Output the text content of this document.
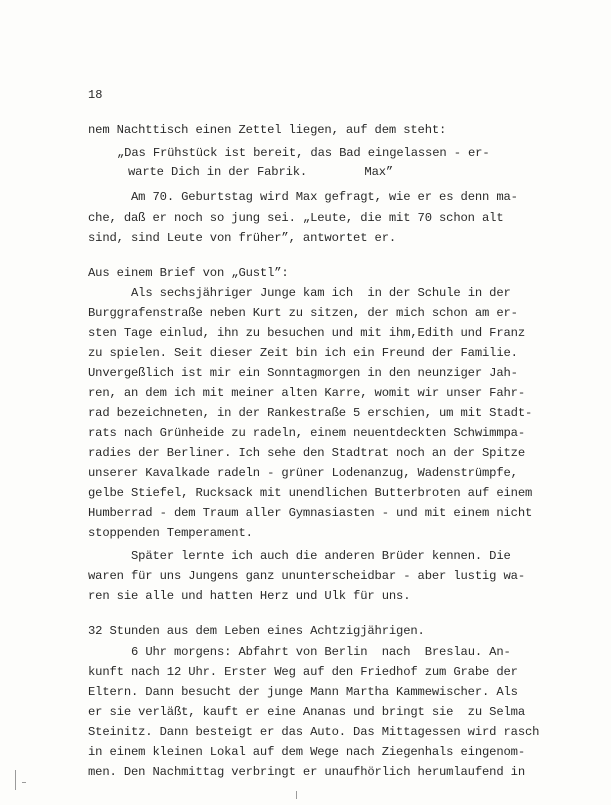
18
nem Nachttisch einen Zettel liegen, auf dem steht:
„Das Frühstück ist bereit, das Bad eingelassen - er-
warte Dich in der Fabrik.        Max”
Am 70. Geburtstag wird Max gefragt, wie er es denn ma-
che, daß er noch so jung sei. „Leute, die mit 70 schon alt
sind, sind Leute von früher”, antwortet er.
Aus einem Brief von „Gustl”:
Als sechsjähriger Junge kam ich  in der Schule in der
Burggrafenstraße neben Kurt zu sitzen, der mich schon am er-
sten Tage einlud, ihn zu besuchen und mit ihm,Edith und Franz
zu spielen. Seit dieser Zeit bin ich ein Freund der Familie.
Unvergeßlich ist mir ein Sonntagmorgen in den neunziger Jah-
ren, an dem ich mit meiner alten Karre, womit wir unser Fahr-
rad bezeichneten, in der Rankestraße 5 erschien, um mit Stadt-
rats nach Grünheide zu radeln, einem neuentdeckten Schwimmpa-
radies der Berliner. Ich sehe den Stadtrat noch an der Spitze
unserer Kavalkade radeln - grüner Lodenanzug, Wadenstrümpfe,
gelbe Stiefel, Rucksack mit unendlichen Butterbroten auf einem
Humberrad - dem Traum aller Gymnasiasten - und mit einem nicht
stoppenden Temperament.
Später lernte ich auch die anderen Brüder kennen. Die
waren für uns Jungens ganz ununterscheidbar - aber lustig wa-
ren sie alle und hatten Herz und Ulk für uns.
32 Stunden aus dem Leben eines Achtzigjährigen.
6 Uhr morgens: Abfahrt von Berlin  nach  Breslau. An-
kunft nach 12 Uhr. Erster Weg auf den Friedhof zum Grabe der
Eltern. Dann besucht der junge Mann Martha Kammewischer. Als
er sie verläßt, kauft er eine Ananas und bringt sie  zu Selma
Steinitz. Dann besteigt er das Auto. Das Mittagessen wird rasch
in einem kleinen Lokal auf dem Wege nach Ziegenhals eingenom-
men. Den Nachmittag verbringt er unaufhörlich herumlaufend in
